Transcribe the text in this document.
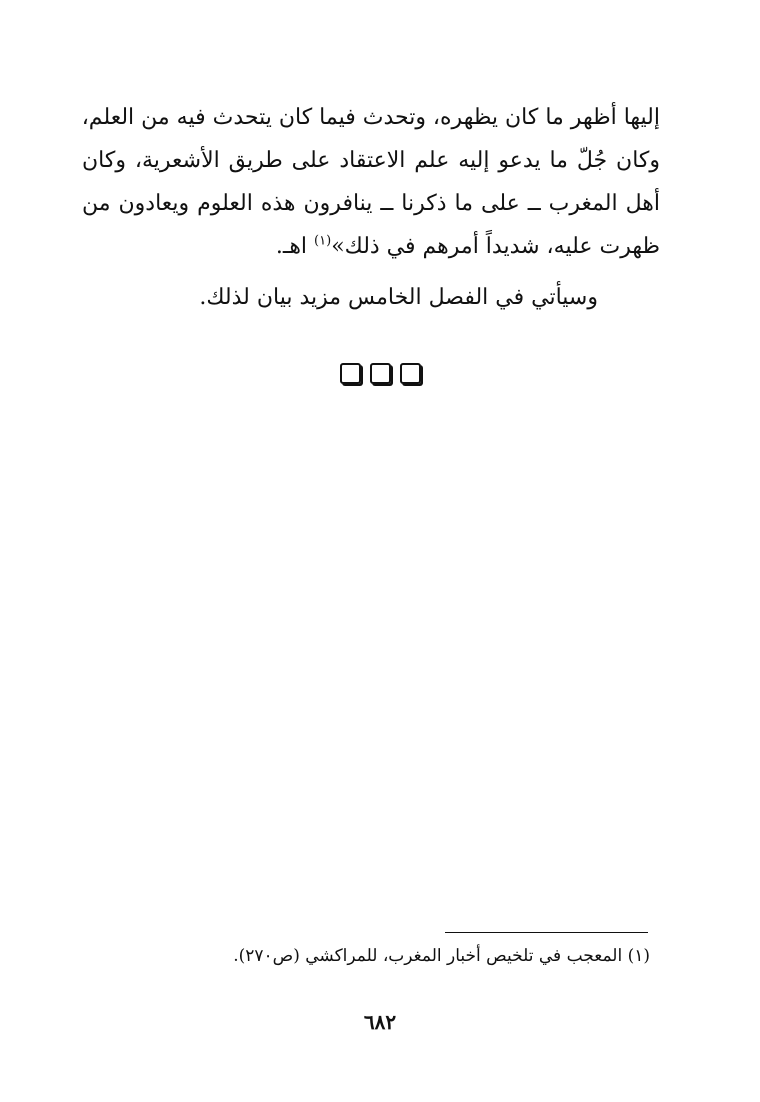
إليها أظهر ما كان يظهره، وتحدث فيما كان يتحدث فيه من العلم،
وكان جُلّ ما يدعو إليه علم الاعتقاد على طريق الأشعرية، وكان
أهل المغرب ــ على ما ذكرنا ــ ينافرون هذه العلوم ويعادون من
ظهرت عليه، شديداً أمرهم في ذلك»$^{(١)}$ اهـ.
وسيأتي في الفصل الخامس مزيد بيان لذلك.
(١) المعجب في تلخيص أخبار المغرب، للمراكشي (ص٢٧٠).
٦٨٢
